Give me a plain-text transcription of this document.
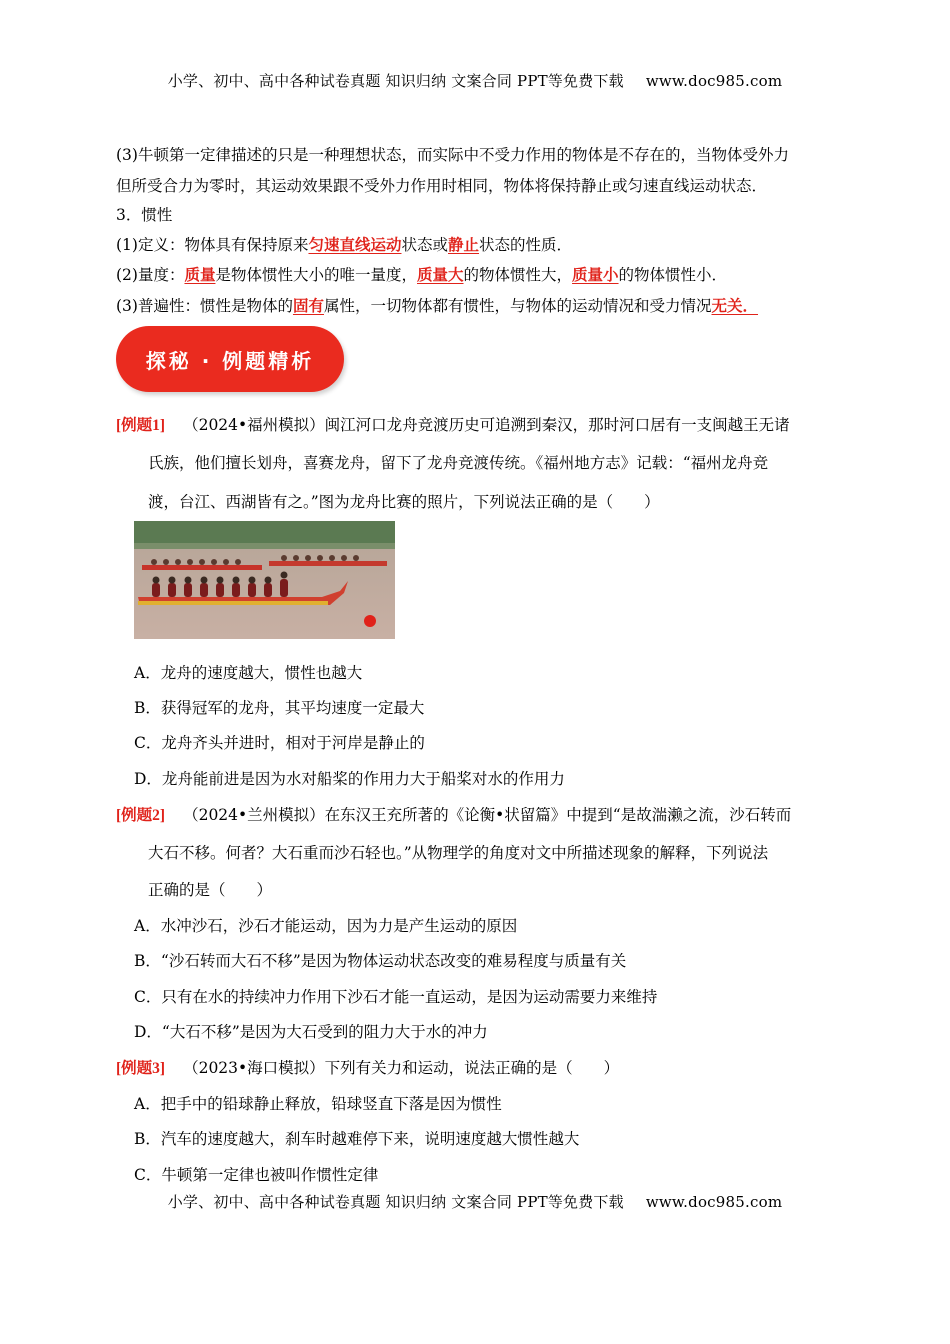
小学、初中、高中各种试卷真题 知识归纳 文案合同 PPT等免费下载 www.doc985.com
(3)牛顿第一定律描述的只是一种理想状态，而实际中不受力作用的物体是不存在的，当物体受外力
但所受合力为零时，其运动效果跟不受外力作用时相同，物体将保持静止或匀速直线运动状态．
3．惯性
(1)定义：物体具有保持原来匀速直线运动状态或静止状态的性质．
(2)量度：质量是物体惯性大小的唯一量度，质量大的物体惯性大，质量小的物体惯性小．
(3)普遍性：惯性是物体的固有属性，一切物体都有惯性，与物体的运动情况和受力情况无关．
探秘 · 例题精析
[例题1] （2024•福州模拟）闽江河口龙舟竞渡历史可追溯到秦汉，那时河口居有一支闽越王无诸
氏族，他们擅长划舟，喜赛龙舟，留下了龙舟竞渡传统。《福州地方志》记载：“福州龙舟竞
渡，台江、西湖皆有之。”图为龙舟比赛的照片，下列说法正确的是（　　）
A．龙舟的速度越大，惯性也越大
B．获得冠军的龙舟，其平均速度一定最大
C．龙舟齐头并进时，相对于河岸是静止的
D．龙舟能前进是因为水对船桨的作用力大于船桨对水的作用力
[例题2] （2024•兰州模拟）在东汉王充所著的《论衡•状留篇》中提到“是故湍濑之流，沙石转而
大石不移。何者？大石重而沙石轻也。”从物理学的角度对文中所描述现象的解释，下列说法
正确的是（　　）
A．水冲沙石，沙石才能运动，因为力是产生运动的原因
B．“沙石转而大石不移”是因为物体运动状态改变的难易程度与质量有关
C．只有在水的持续冲力作用下沙石才能一直运动，是因为运动需要力来维持
D．“大石不移”是因为大石受到的阻力大于水的冲力
[例题3] （2023•海口模拟）下列有关力和运动，说法正确的是（　　）
A．把手中的铅球静止释放，铅球竖直下落是因为惯性
B．汽车的速度越大，刹车时越难停下来，说明速度越大惯性越大
C．牛顿第一定律也被叫作惯性定律
小学、初中、高中各种试卷真题 知识归纳 文案合同 PPT等免费下载 www.doc985.com
